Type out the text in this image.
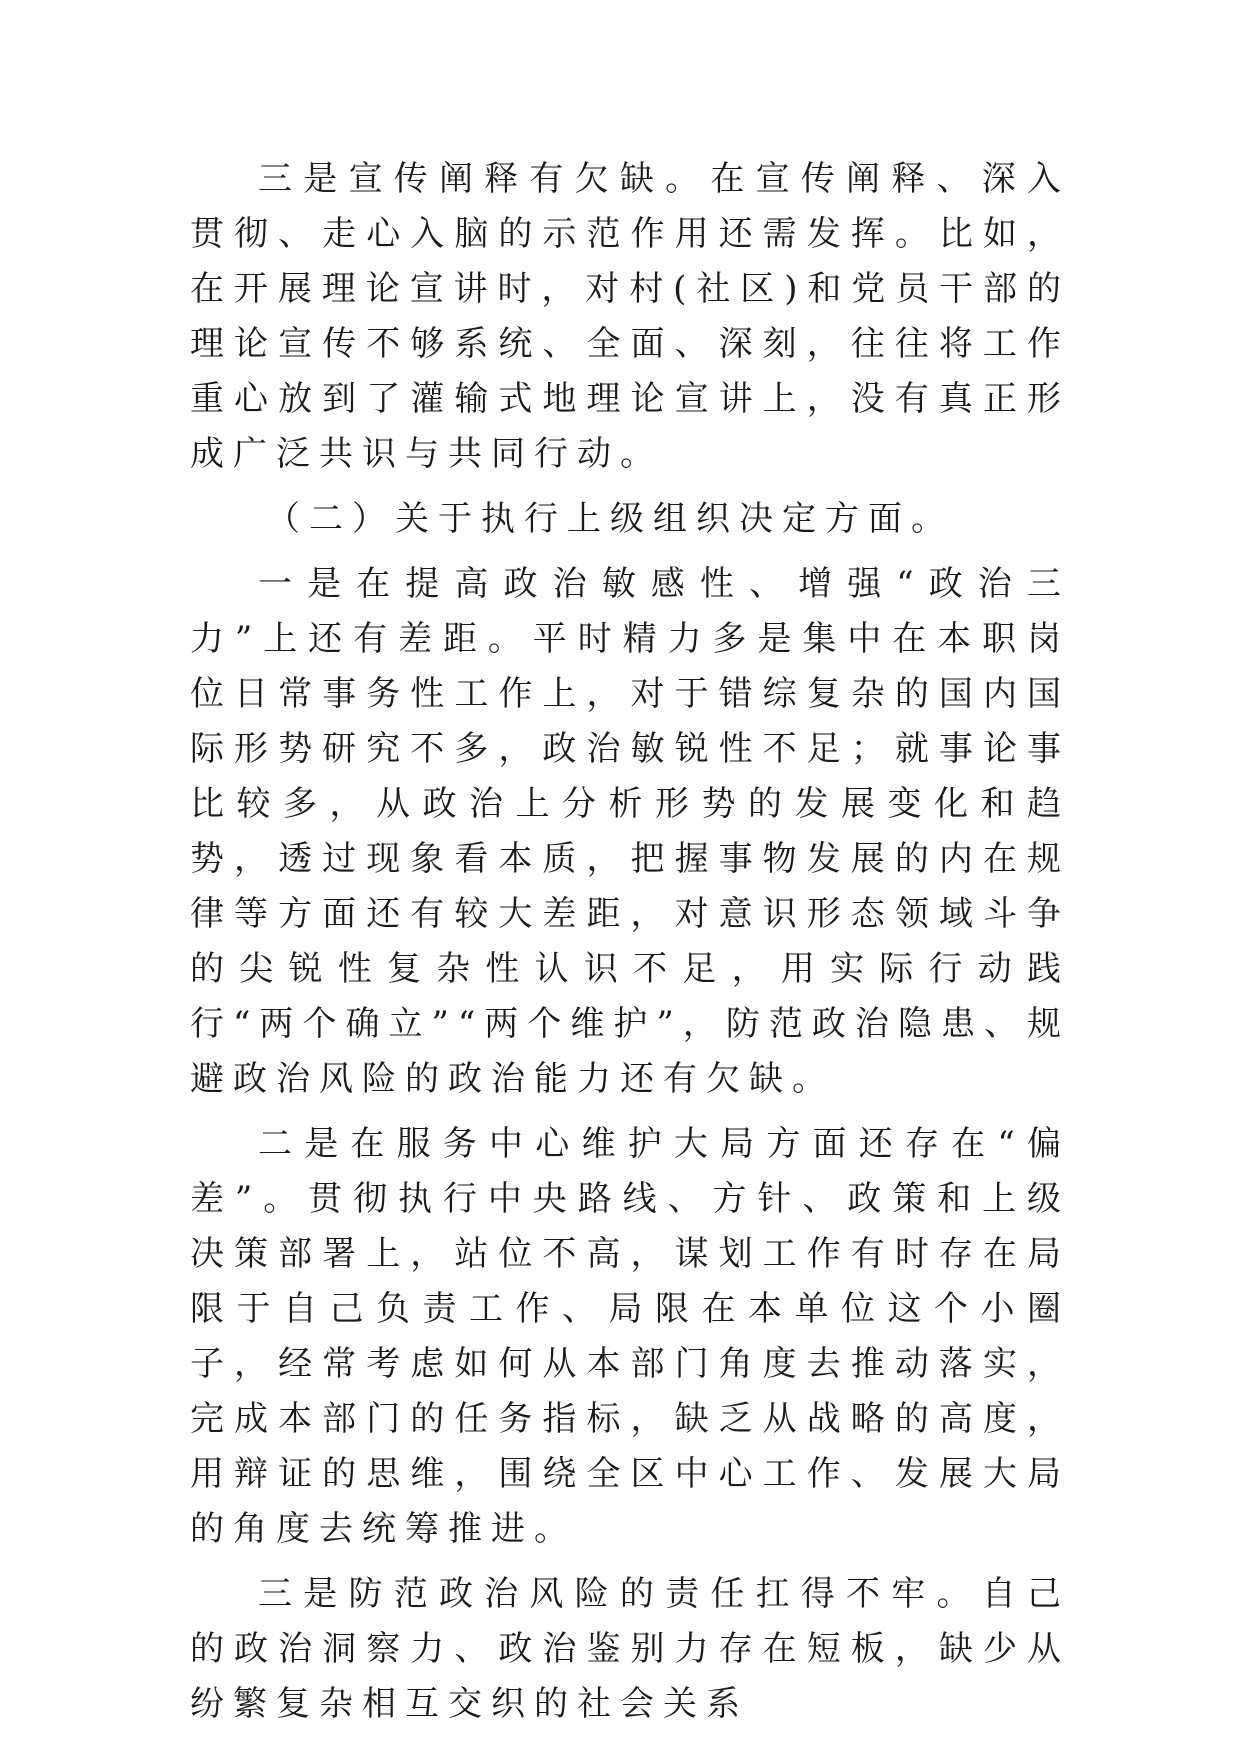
三是宣传阐释有欠缺。在宣传阐释、深入贯彻、走心入脑的示范作用还需发挥。比如，在开展理论宣讲时，对村(社区)和党员干部的理论宣传不够系统、全面、深刻，往往将工作重心放到了灌输式地理论宣讲上，没有真正形成广泛共识与共同行动。

（二）关于执行上级组织决定方面。

一是在提高政治敏感性、增强“政治三力”上还有差距。平时精力多是集中在本职岗位日常事务性工作上，对于错综复杂的国内国际形势研究不多，政治敏锐性不足；就事论事比较多，从政治上分析形势的发展变化和趋势，透过现象看本质，把握事物发展的内在规律等方面还有较大差距，对意识形态领域斗争的尖锐性复杂性认识不足，用实际行动践行“两个确立”“两个维护”，防范政治隐患、规避政治风险的政治能力还有欠缺。

二是在服务中心维护大局方面还存在“偏差”。贯彻执行中央路线、方针、政策和上级决策部署上，站位不高，谋划工作有时存在局限于自己负责工作、局限在本单位这个小圈子，经常考虑如何从本部门角度去推动落实，完成本部门的任务指标，缺乏从战略的高度，用辩证的思维，围绕全区中心工作、发展大局的角度去统筹推进。

三是防范政治风险的责任扛得不牢。自己的政治洞察力、政治鉴别力存在短板，缺少从纷繁复杂相互交织的社会关系
